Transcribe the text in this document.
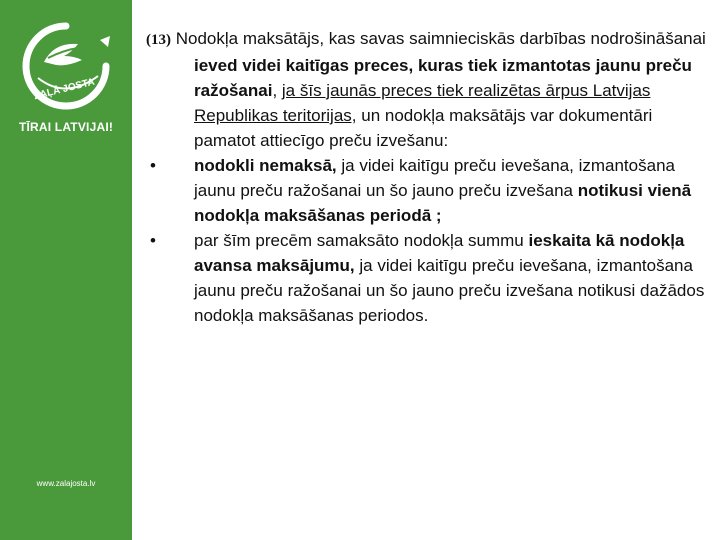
ZAĻĀ JOSTA
TĪRAI LATVIJAI!
www.zalajosta.lv
(13) Nodokļa maksātājs, kas savas saimnieciskās darbības nodrošināšanai ieved videi kaitīgas preces, kuras tiek izmantotas jaunu preču ražošanai, ja šīs jaunās preces tiek realizētas ārpus Latvijas Republikas teritorijas, un nodokļa maksātājs var dokumentāri pamatot attiecīgo preču izvešanu:
•	nodokli nemaksā, ja videi kaitīgu preču ievešana, izmantošana jaunu preču ražošanai un šo jauno preču izvešana notikusi vienā nodokļa maksāšanas periodā ;
•	par šīm precēm samaksāto nodokļa summu ieskaita kā nodokļa avansa maksājumu, ja videi kaitīgu preču ievešana, izmantošana jaunu preču ražošanai un šo jauno preču izvešana notikusi dažādos nodokļa maksāšanas periodos.
